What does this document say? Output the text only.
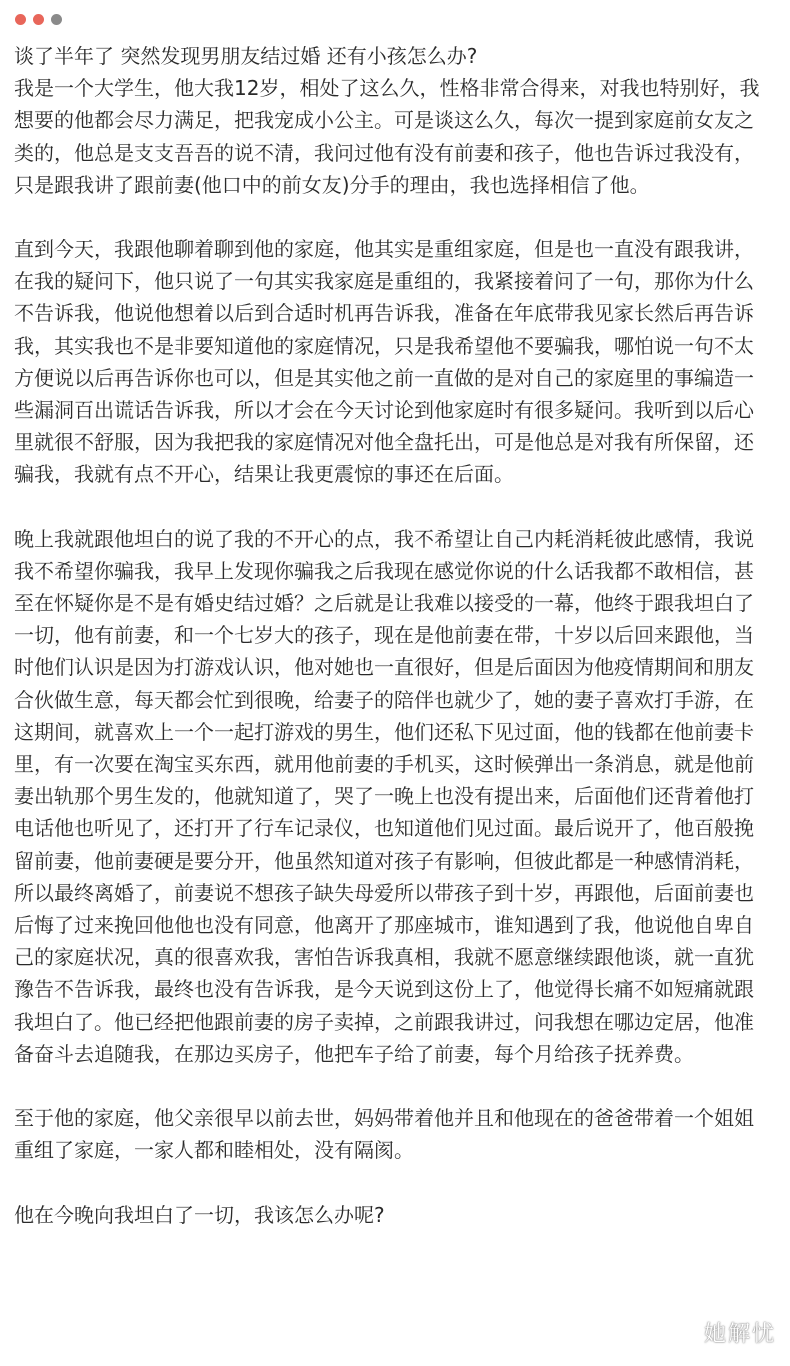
谈了半年了 突然发现男朋友结过婚 还有小孩怎么办?
我是一个大学生，他大我12岁，相处了这么久，性格非常合得来，对我也特别好，我
想要的他都会尽力满足，把我宠成小公主。可是谈这么久，每次一提到家庭前女友之
类的，他总是支支吾吾的说不清，我问过他有没有前妻和孩子，他也告诉过我没有，
只是跟我讲了跟前妻(他口中的前女友)分手的理由，我也选择相信了他。
直到今天，我跟他聊着聊到他的家庭，他其实是重组家庭，但是也一直没有跟我讲，
在我的疑问下，他只说了一句其实我家庭是重组的，我紧接着问了一句，那你为什么
不告诉我，他说他想着以后到合适时机再告诉我，准备在年底带我见家长然后再告诉
我，其实我也不是非要知道他的家庭情况，只是我希望他不要骗我，哪怕说一句不太
方便说以后再告诉你也可以，但是其实他之前一直做的是对自己的家庭里的事编造一
些漏洞百出谎话告诉我，所以才会在今天讨论到他家庭时有很多疑问。我听到以后心
里就很不舒服，因为我把我的家庭情况对他全盘托出，可是他总是对我有所保留，还
骗我，我就有点不开心，结果让我更震惊的事还在后面。
晚上我就跟他坦白的说了我的不开心的点，我不希望让自己内耗消耗彼此感情，我说
我不希望你骗我，我早上发现你骗我之后我现在感觉你说的什么话我都不敢相信，甚
至在怀疑你是不是有婚史结过婚？之后就是让我难以接受的一幕，他终于跟我坦白了
一切，他有前妻，和一个七岁大的孩子，现在是他前妻在带，十岁以后回来跟他，当
时他们认识是因为打游戏认识，他对她也一直很好，但是后面因为他疫情期间和朋友
合伙做生意，每天都会忙到很晚，给妻子的陪伴也就少了，她的妻子喜欢打手游，在
这期间，就喜欢上一个一起打游戏的男生，他们还私下见过面，他的钱都在他前妻卡
里，有一次要在淘宝买东西，就用他前妻的手机买，这时候弹出一条消息，就是他前
妻出轨那个男生发的，他就知道了，哭了一晚上也没有提出来，后面他们还背着他打
电话他也听见了，还打开了行车记录仪，也知道他们见过面。最后说开了，他百般挽
留前妻，他前妻硬是要分开，他虽然知道对孩子有影响，但彼此都是一种感情消耗，
所以最终离婚了，前妻说不想孩子缺失母爱所以带孩子到十岁，再跟他，后面前妻也
后悔了过来挽回他他也没有同意，他离开了那座城市，谁知遇到了我，他说他自卑自
己的家庭状况，真的很喜欢我，害怕告诉我真相，我就不愿意继续跟他谈，就一直犹
豫告不告诉我，最终也没有告诉我，是今天说到这份上了，他觉得长痛不如短痛就跟
我坦白了。他已经把他跟前妻的房子卖掉，之前跟我讲过，问我想在哪边定居，他准
备奋斗去追随我，在那边买房子，他把车子给了前妻，每个月给孩子抚养费。
至于他的家庭，他父亲很早以前去世，妈妈带着他并且和他现在的爸爸带着一个姐姐
重组了家庭，一家人都和睦相处，没有隔阂。
他在今晚向我坦白了一切，我该怎么办呢?
她解忧
